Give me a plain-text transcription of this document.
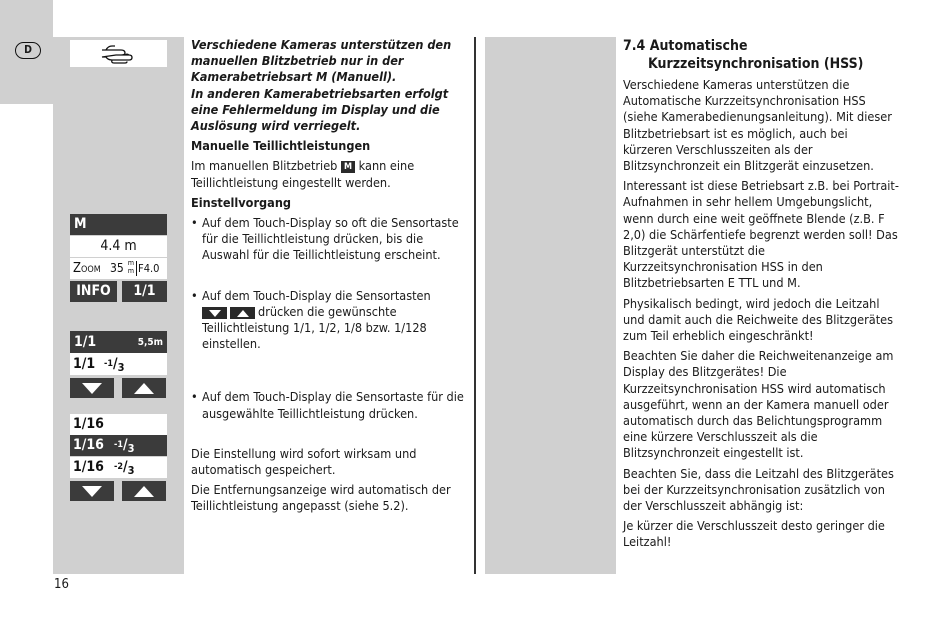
D
M
4.4 m
Zoom 35 m
m F4.0
INFO	1/1
1/1	5,5m
1/1 $^{-1}/_3$
1/16
1/16 $^{-1}/_3$
1/16 $^{-2}/_3$

Verschiedene Kameras unterstützen den manuellen Blitzbetrieb nur in der Kamerabetriebsart M (Manuell).

In anderen Kamerabetriebsarten erfolgt eine Fehlermeldung im Display und die Auslösung wird verriegelt.

Manuelle Teillichtleistungen

Im manuellen Blitzbetrieb M kann eine Teillichtleistung eingestellt werden.

Einstellvorgang

• Auf dem Touch-Display so oft die Sensortaste für die Teillichtleistung drücken, bis die Auswahl für die Teillichtleistung erscheint.

• Auf dem Touch-Display die Sensortasten

drücken die gewünschte Teillichtleistung 1/1, 1/2, 1/8 bzw. 1/128 einstellen.

• Auf dem Touch-Display die Sensortaste für die ausgewählte Teillichtleistung drücken.

Die Einstellung wird sofort wirksam und automatisch gespeichert.

Die Entfernungsanzeige wird automatisch der Teillichtleistung angepasst (siehe 5.2).

7.4 Automatische
Kurzzeitsynchronisation (HSS)

Verschiedene Kameras unterstützen die Automatische Kurzzeitsynchronisation HSS (siehe Kamerabedienungsanleitung). Mit dieser Blitzbetriebsart ist es möglich, auch bei kürzeren Verschlusszeiten als der Blitzsynchronzeit ein Blitzgerät einzusetzen.

Interessant ist diese Betriebsart z.B. bei Portrait-Aufnahmen in sehr hellem Umgebungslicht, wenn durch eine weit geöffnete Blende (z.B. F 2,0) die Schärfentiefe begrenzt werden soll! Das Blitzgerät unterstützt die Kurzzeitsynchronisation HSS in den Blitzbetriebsarten E TTL und M.

Physikalisch bedingt, wird jedoch die Leitzahl und damit auch die Reichweite des Blitzgerätes zum Teil erheblich eingeschränkt!

Beachten Sie daher die Reichweitenanzeige am Display des Blitzgerätes! Die Kurzzeitsynchronisation HSS wird automatisch ausgeführt, wenn an der Kamera manuell oder automatisch durch das Belichtungsprogramm eine kürzere Verschlusszeit als die Blitzsynchronzeit eingestellt ist.

Beachten Sie, dass die Leitzahl des Blitzgerätes bei der Kurzzeitsynchronisation zusätzlich von der Verschlusszeit abhängig ist:

Je kürzer die Verschlusszeit desto geringer die Leitzahl!

16
